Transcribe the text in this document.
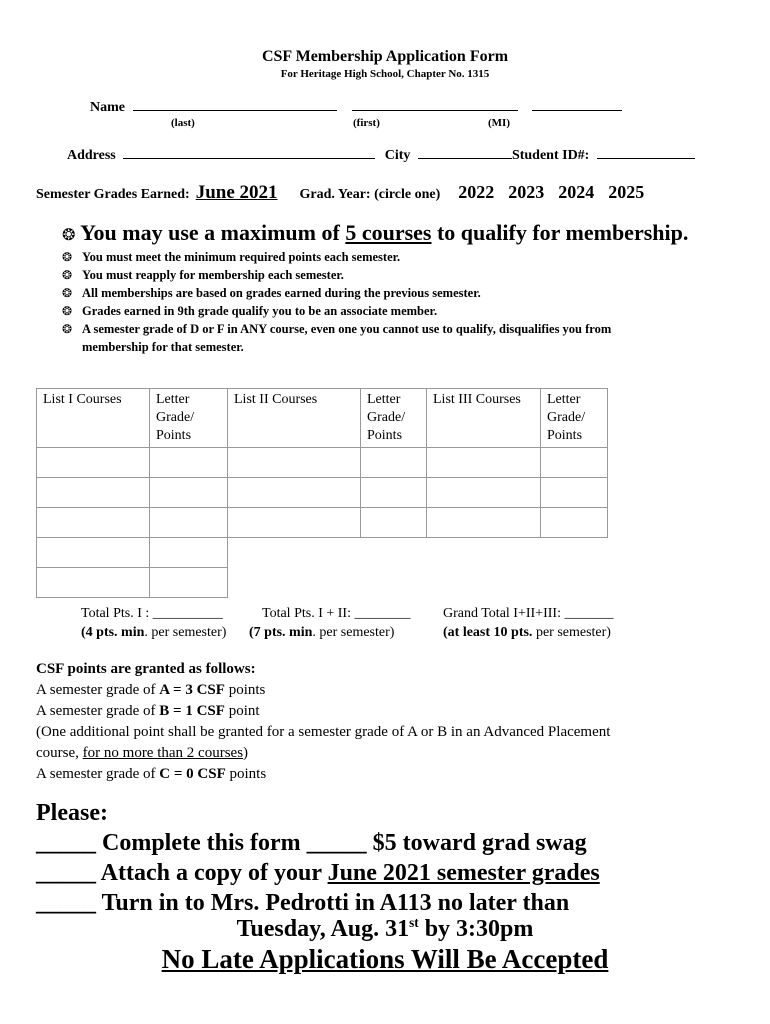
CSF Membership Application Form
For Heritage High School, Chapter No. 1315
Name
(last)	(first)	(MI)
Address	City	Student ID#:
Semester Grades Earned: June 2021 Grad. Year: (circle one) 2022 2023 2024 2025
❂ You may use a maximum of 5 courses to qualify for membership.
❂ You must meet the minimum required points each semester.
❂ You must reapply for membership each semester.
❂ All memberships are based on grades earned during the previous semester.
❂ Grades earned in 9th grade qualify you to be an associate member.
❂ A semester grade of D or F in ANY course, even one you cannot use to qualify, disqualifies you from
membership for that semester.
List I Courses	Letter Grade/ Points	List II Courses	Letter Grade/ Points	List III Courses	Letter Grade/ Points

Total Pts. I : __________
(4 pts. min. per semester)
Total Pts. I + II: ________
(7 pts. min. per semester)
Grand Total I+II+III: _______
(at least 10 pts. per semester)
CSF points are granted as follows:
A semester grade of A = 3 CSF points
A semester grade of B = 1 CSF point
(One additional point shall be granted for a semester grade of A or B in an Advanced Placement
course, for no more than 2 courses)
A semester grade of C = 0 CSF points
Please:
_____ Complete this form _____ $5 toward grad swag
_____ Attach a copy of your June 2021 semester grades
_____ Turn in to Mrs. Pedrotti in A113 no later than
Tuesday, Aug. 31st by 3:30pm
No Late Applications Will Be Accepted
